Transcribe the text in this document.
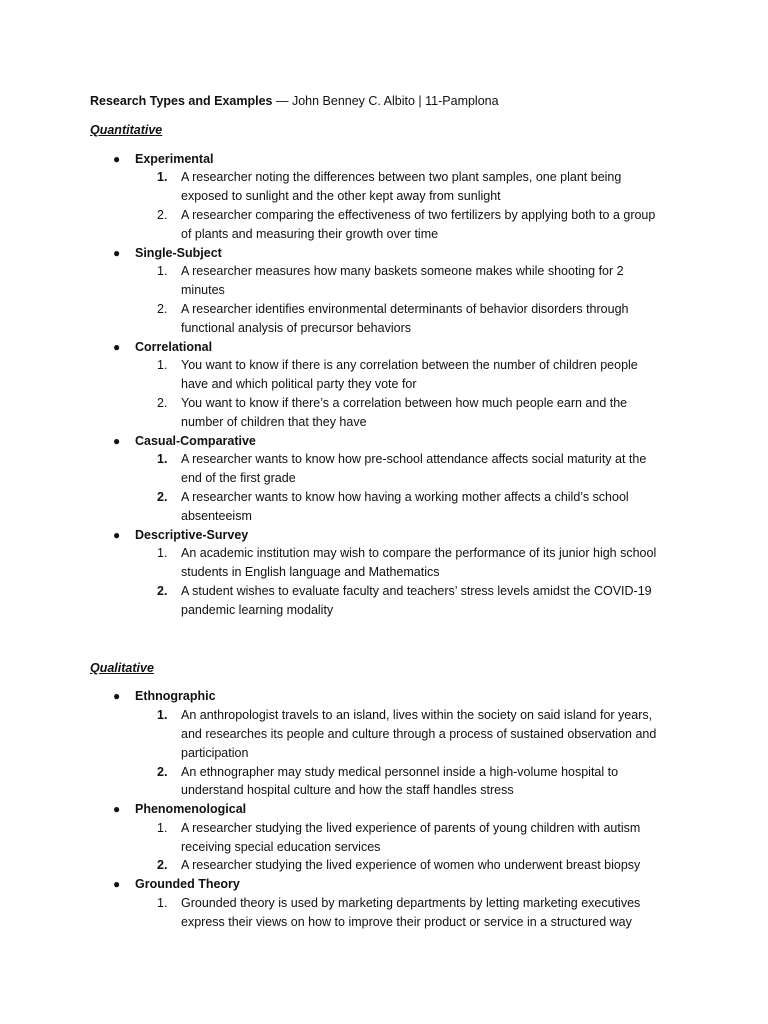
Research Types and Examples — John Benney C. Albito | 11-Pamplona
Quantitative
● Experimental
1. A researcher noting the differences between two plant samples, one plant being exposed to sunlight and the other kept away from sunlight
2. A researcher comparing the effectiveness of two fertilizers by applying both to a group of plants and measuring their growth over time
● Single-Subject
1. A researcher measures how many baskets someone makes while shooting for 2 minutes
2. A researcher identifies environmental determinants of behavior disorders through functional analysis of precursor behaviors
● Correlational
1. You want to know if there is any correlation between the number of children people have and which political party they vote for
2. You want to know if there’s a correlation between how much people earn and the number of children that they have
● Casual-Comparative
1. A researcher wants to know how pre-school attendance affects social maturity at the end of the first grade
2. A researcher wants to know how having a working mother affects a child’s school absenteeism
● Descriptive-Survey
1. An academic institution may wish to compare the performance of its junior high school students in English language and Mathematics
2. A student wishes to evaluate faculty and teachers’ stress levels amidst the COVID-19 pandemic learning modality
Qualitative
● Ethnographic
1. An anthropologist travels to an island, lives within the society on said island for years, and researches its people and culture through a process of sustained observation and participation
2. An ethnographer may study medical personnel inside a high-volume hospital to understand hospital culture and how the staff handles stress
● Phenomenological
1. A researcher studying the lived experience of parents of young children with autism receiving special education services
2. A researcher studying the lived experience of women who underwent breast biopsy
● Grounded Theory
1. Grounded theory is used by marketing departments by letting marketing executives express their views on how to improve their product or service in a structured way
